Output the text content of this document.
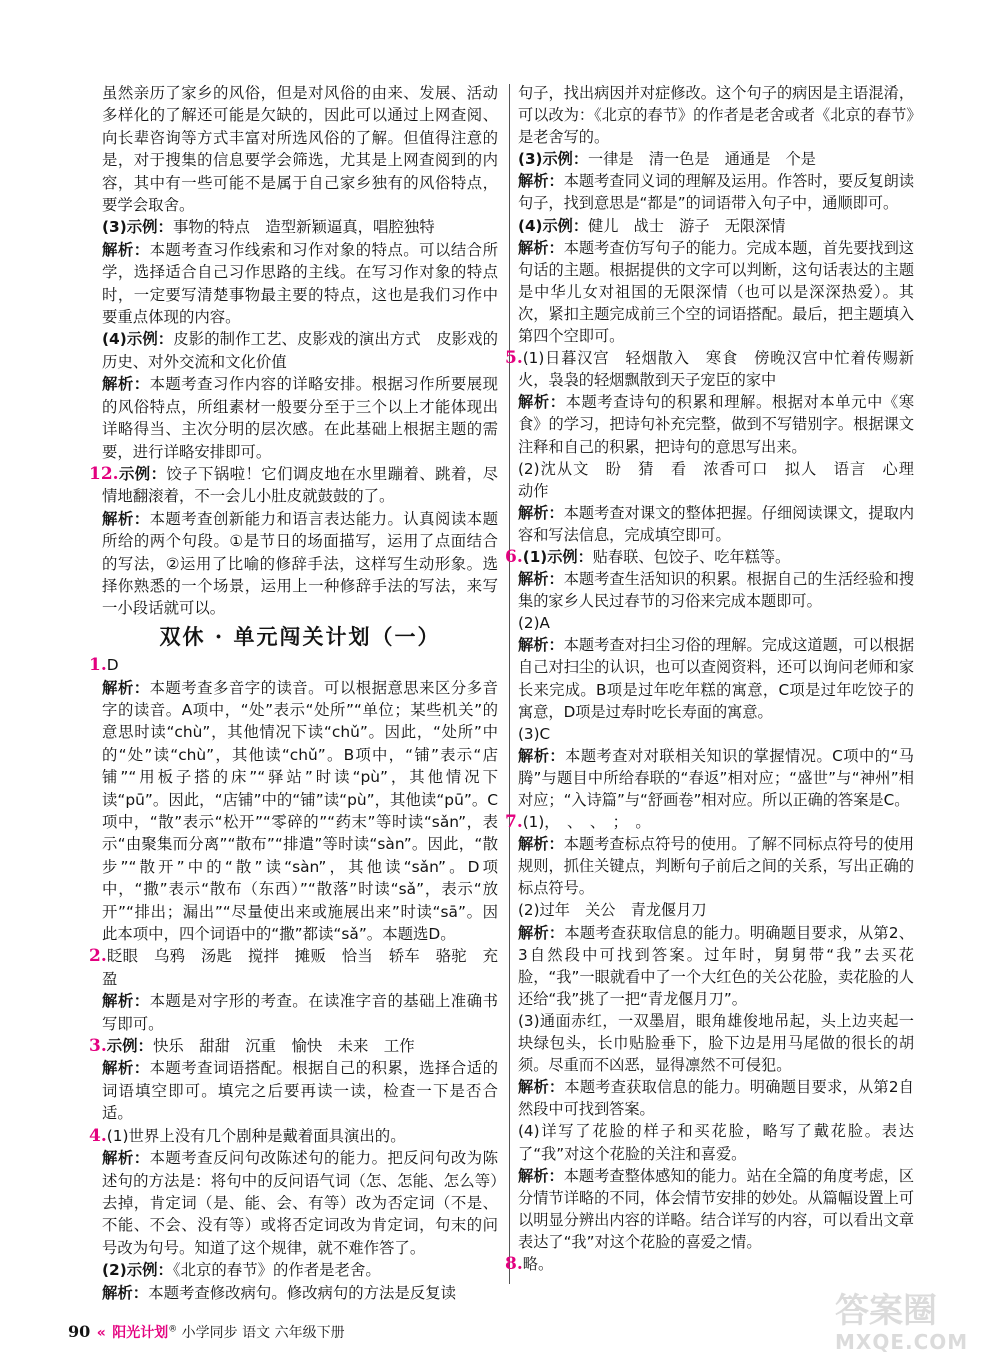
虽然亲历了家乡的风俗，但是对风俗的由来、发展、活动多样化的了解还可能是欠缺的，因此可以通过上网查阅、向长辈咨询等方式丰富对所选风俗的了解。但值得注意的是，对于搜集的信息要学会筛选，尤其是上网查阅到的内容，其中有一些可能不是属于自己家乡独有的风俗特点，要学会取舍。

(3)示例：事物的特点　造型新颖逼真，唱腔独特

解析：本题考查习作线索和习作对象的特点。可以结合所学，选择适合自己习作思路的主线。在写习作对象的特点时，一定要写清楚事物最主要的特点，这也是我们习作中要重点体现的内容。

(4)示例：皮影的制作工艺、皮影戏的演出方式　皮影戏的历史、对外交流和文化价值

解析：本题考查习作内容的详略安排。根据习作所要展现的风俗特点，所组素材一般要分至于三个以上才能体现出详略得当、主次分明的层次感。在此基础上根据主题的需要，进行详略安排即可。

12.示例：饺子下锅啦！它们调皮地在水里蹦着、跳着，尽情地翻滚着，不一会儿小肚皮就鼓鼓的了。

解析：本题考查创新能力和语言表达能力。认真阅读本题所给的两个句段。①是节日的场面描写，运用了点面结合的写法，②运用了比喻的修辞手法，这样写生动形象。选择你熟悉的一个场景，运用上一种修辞手法的写法，来写一小段话就可以。

双休 · 单元闯关计划（一）

1.D

解析：本题考查多音字的读音。可以根据意思来区分多音字的读音。A项中，“处”表示“处所”“单位；某些机关”的意思时读“chù”，其他情况下读“chǔ”。因此，“处所”中的“处”读“chù”，其他读“chǔ”。B项中，“铺”表示“店铺”“用板子搭的床”“驿站”时读“pù”，其他情况下读“pū”。因此，“店铺”中的“铺”读“pù”，其他读“pū”。C项中，“散”表示“松开”“零碎的”“药末”等时读“sǎn”，表示“由聚集而分离”“散布”“排遣”等时读“sàn”。因此，“散步”“散开”中的“散”读“sàn”，其他读“sǎn”。D项中，“撒”表示“散布（东西）”“散落”时读“sǎ”，表示“放开”“排出；漏出”“尽量使出来或施展出来”时读“sā”。因此本项中，四个词语中的“撒”都读“sǎ”。本题选D。

2.眨眼　乌鸦　汤匙　搅拌　摊贩　恰当　轿车　骆驼　充盈

解析：本题是对字形的考查。在读准字音的基础上准确书写即可。

3.示例：快乐　甜甜　沉重　愉快　未来　工作

解析：本题考查词语搭配。根据自己的积累，选择合适的词语填空即可。填完之后要再读一读，检查一下是否合适。

4.(1)世界上没有几个剧种是戴着面具演出的。

解析：本题考查反问句改陈述句的能力。把反问句改为陈述句的方法是：将句中的反问语气词（怎、怎能、怎么等）去掉，肯定词（是、能、会、有等）改为否定词（不是、不能、不会、没有等）或将否定词改为肯定词，句末的问号改为句号。知道了这个规律，就不难作答了。

(2)示例：《北京的春节》的作者是老舍。

解析：本题考查修改病句。修改病句的方法是反复读

句子，找出病因并对症修改。这个句子的病因是主语混淆，可以改为：《北京的春节》的作者是老舍或者《北京的春节》是老舍写的。

(3)示例：一律是　清一色是　通通是　个是

解析：本题考查同义词的理解及运用。作答时，要反复朗读句子，找到意思是“都是”的词语带入句子中，通顺即可。

(4)示例：健儿　战士　游子　无限深情

解析：本题考查仿写句子的能力。完成本题，首先要找到这句话的主题。根据提供的文字可以判断，这句话表达的主题是中华儿女对祖国的无限深情（也可以是深深热爱）。其次，紧扣主题完成前三个空的词语搭配。最后，把主题填入第四个空即可。

5.(1)日暮汉宫　轻烟散入　寒食　傍晚汉宫中忙着传赐新火，袅袅的轻烟飘散到天子宠臣的家中

解析：本题考查诗句的积累和理解。根据对本单元中《寒食》的学习，把诗句补充完整，做到不写错别字。根据课文注释和自己的积累，把诗句的意思写出来。

(2)沈从文　盼　猜　看　浓香可口　拟人　语言　心理　动作

解析：本题考查对课文的整体把握。仔细阅读课文，提取内容和写法信息，完成填空即可。

6.(1)示例：贴春联、包饺子、吃年糕等。

解析：本题考查生活知识的积累。根据自己的生活经验和搜集的家乡人民过春节的习俗来完成本题即可。

(2)A

解析：本题考查对扫尘习俗的理解。完成这道题，可以根据自己对扫尘的认识，也可以查阅资料，还可以询问老师和家长来完成。B项是过年吃年糕的寓意，C项是过年吃饺子的寓意，D项是过寿时吃长寿面的寓意。

(3)C

解析：本题考查对对联相关知识的掌握情况。C项中的“马腾”与题目中所给春联的“春返”相对应；“盛世”与“神州”相对应；“入诗篇”与“舒画卷”相对应。所以正确的答案是C。

7.(1)，　、　、　；　。

解析：本题考查标点符号的使用。了解不同标点符号的使用规则，抓住关键点，判断句子前后之间的关系，写出正确的标点符号。

(2)过年　关公　青龙偃月刀

解析：本题考查获取信息的能力。明确题目要求，从第2、3自然段中可找到答案。过年时，舅舅带“我”去买花脸，“我”一眼就看中了一个大红色的关公花脸，卖花脸的人还给“我”挑了一把“青龙偃月刀”。

(3)通面赤红，一双墨眉，眼角雄俊地吊起，头上边夹起一块绿包头，长巾贴脸垂下，脸下边是用马尾做的很长的胡须。尽重而不凶恶，显得凛然不可侵犯。

解析：本题考查获取信息的能力。明确题目要求，从第2自然段中可找到答案。

(4)详写了花脸的样子和买花脸，略写了戴花脸。表达了“我”对这个花脸的关注和喜爱。

解析：本题考查整体感知的能力。站在全篇的角度考虑，区分情节详略的不同，体会情节安排的妙处。从篇幅设置上可以明显分辨出内容的详略。结合详写的内容，可以看出文章表达了“我”对这个花脸的喜爱之情。

8.略。

90 « 阳光计划® 小学同步 语文 六年级下册
答案圈
MXQE.COM
